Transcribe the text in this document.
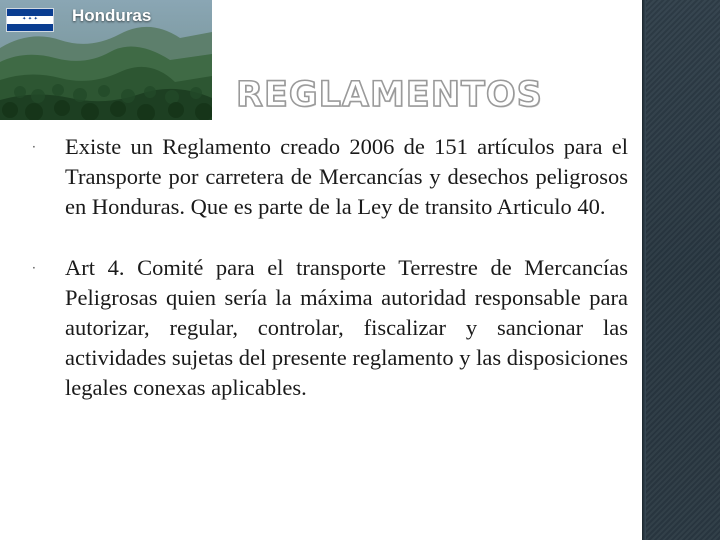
✦ ✦ ✦	Honduras
REGLAMENTOS
· Existe un Reglamento creado 2006 de 151 artículos para el Transporte por carretera de Mercancías y desechos peligrosos en Honduras. Que es parte de la Ley de transito Articulo 40.
· Art 4. Comité para el transporte Terrestre de Mercancías Peligrosas quien sería la máxima autoridad responsable para autorizar, regular, controlar, fiscalizar y sancionar las actividades sujetas del presente reglamento y las disposiciones legales conexas aplicables.
